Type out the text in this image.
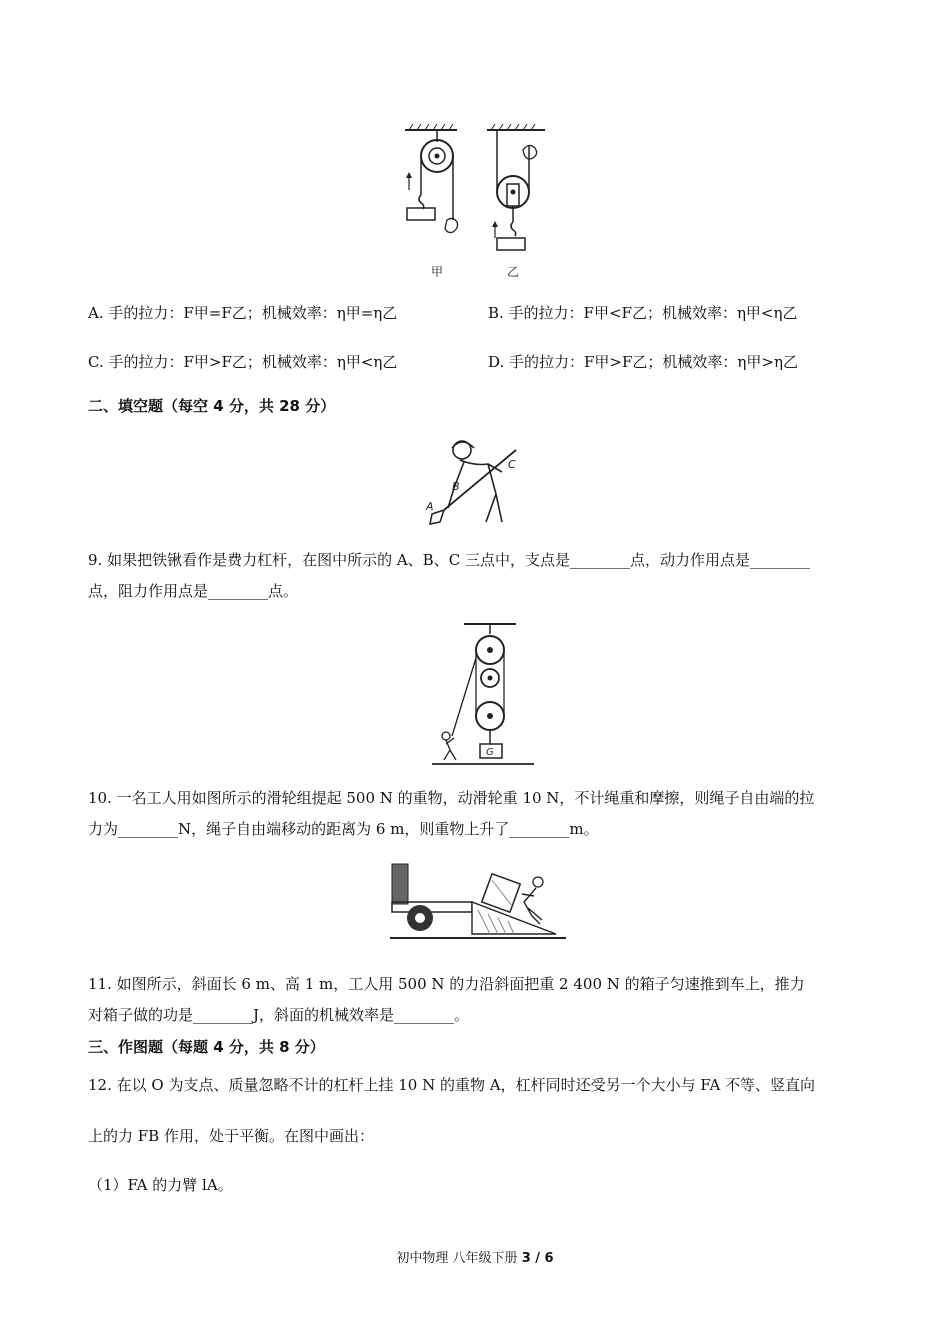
甲	乙
A. 手的拉力：F甲=F乙；机械效率：η甲=η乙	B. 手的拉力：F甲<F乙；机械效率：η甲<η乙
C. 手的拉力：F甲>F乙；机械效率：η甲<η乙	D. 手的拉力：F甲>F乙；机械效率：η甲>η乙
二、填空题（每空 4 分，共 28 分）
A
B
C
9. 如果把铁锹看作是费力杠杆，在图中所示的 A、B、C 三点中，支点是________点，动力作用点是________
点，阻力作用点是________点。
G
10. 一名工人用如图所示的滑轮组提起 500 N 的重物，动滑轮重 10 N，不计绳重和摩擦，则绳子自由端的拉
力为________N，绳子自由端移动的距离为 6 m，则重物上升了________m。
11. 如图所示，斜面长 6 m、高 1 m，工人用 500 N 的力沿斜面把重 2 400 N 的箱子匀速推到车上，推力
对箱子做的功是________J，斜面的机械效率是________。
三、作图题（每题 4 分，共 8 分）
12. 在以 O 为支点、质量忽略不计的杠杆上挂 10 N 的重物 A，杠杆同时还受另一个大小与 FA 不等、竖直向
上的力 FB 作用，处于平衡。在图中画出：
（1）FA 的力臂 lA。
初中物理 八年级下册 3 / 6
